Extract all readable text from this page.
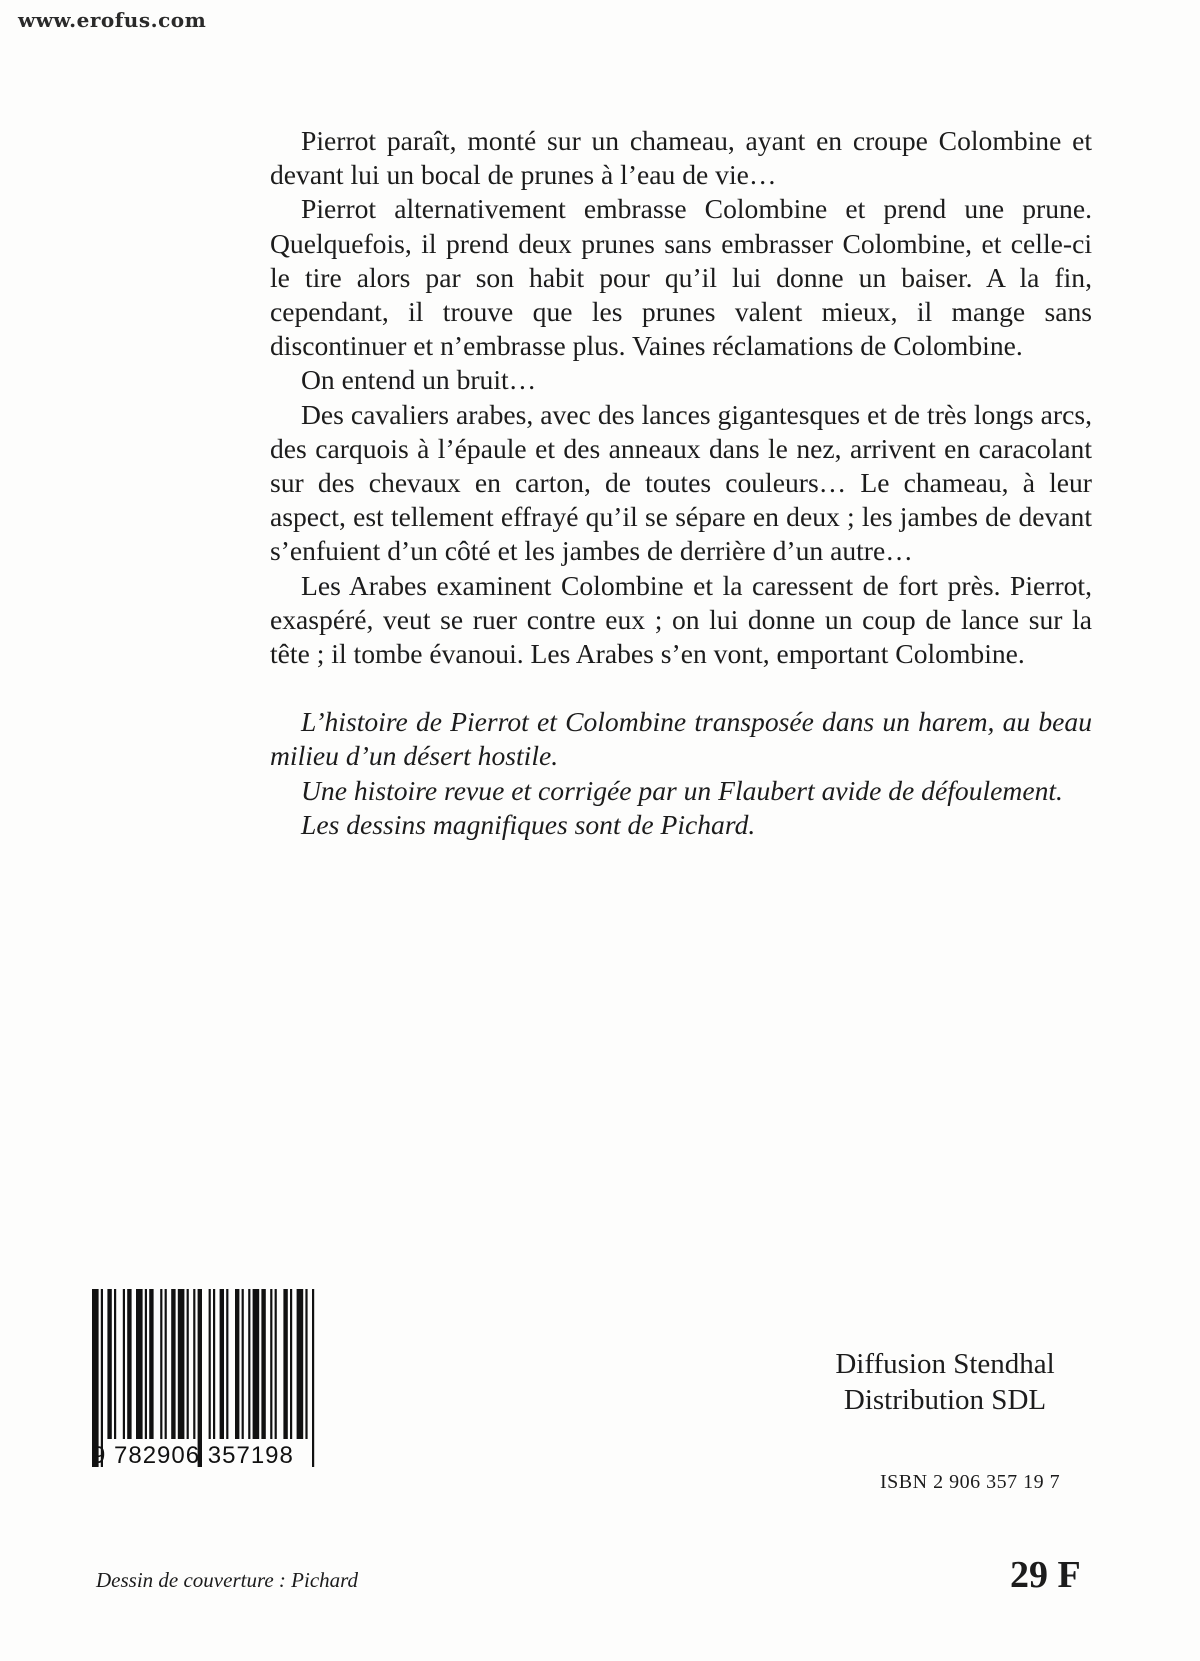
www.erofus.com

Pierrot paraît, monté sur un chameau, ayant en croupe Colombine et devant lui un bocal de prunes à l’eau de vie…

Pierrot alternativement embrasse Colombine et prend une prune. Quelquefois, il prend deux prunes sans embrasser Colombine, et celle-ci le tire alors par son habit pour qu’il lui donne un baiser. A la fin, cependant, il trouve que les prunes valent mieux, il mange sans discontinuer et n’embrasse plus. Vaines réclamations de Colombine.

On entend un bruit…

Des cavaliers arabes, avec des lances gigantesques et de très longs arcs, des carquois à l’épaule et des anneaux dans le nez, arrivent en caracolant sur des chevaux en carton, de toutes couleurs… Le chameau, à leur aspect, est tellement effrayé qu’il se sépare en deux ; les jambes de devant s’enfuient d’un côté et les jambes de derrière d’un autre…

Les Arabes examinent Colombine et la caressent de fort près. Pierrot, exaspéré, veut se ruer contre eux ; on lui donne un coup de lance sur la tête ; il tombe évanoui. Les Arabes s’en vont, emportant Colombine.

L’histoire de Pierrot et Colombine transposée dans un harem, au beau milieu d’un désert hostile.

Une histoire revue et corrigée par un Flaubert avide de défoulement.

Les dessins magnifiques sont de Pichard.

9 782906 357198
Diffusion Stendhal
Distribution SDL
ISBN 2 906 357 19 7
Dessin de couverture : Pichard	29 F
